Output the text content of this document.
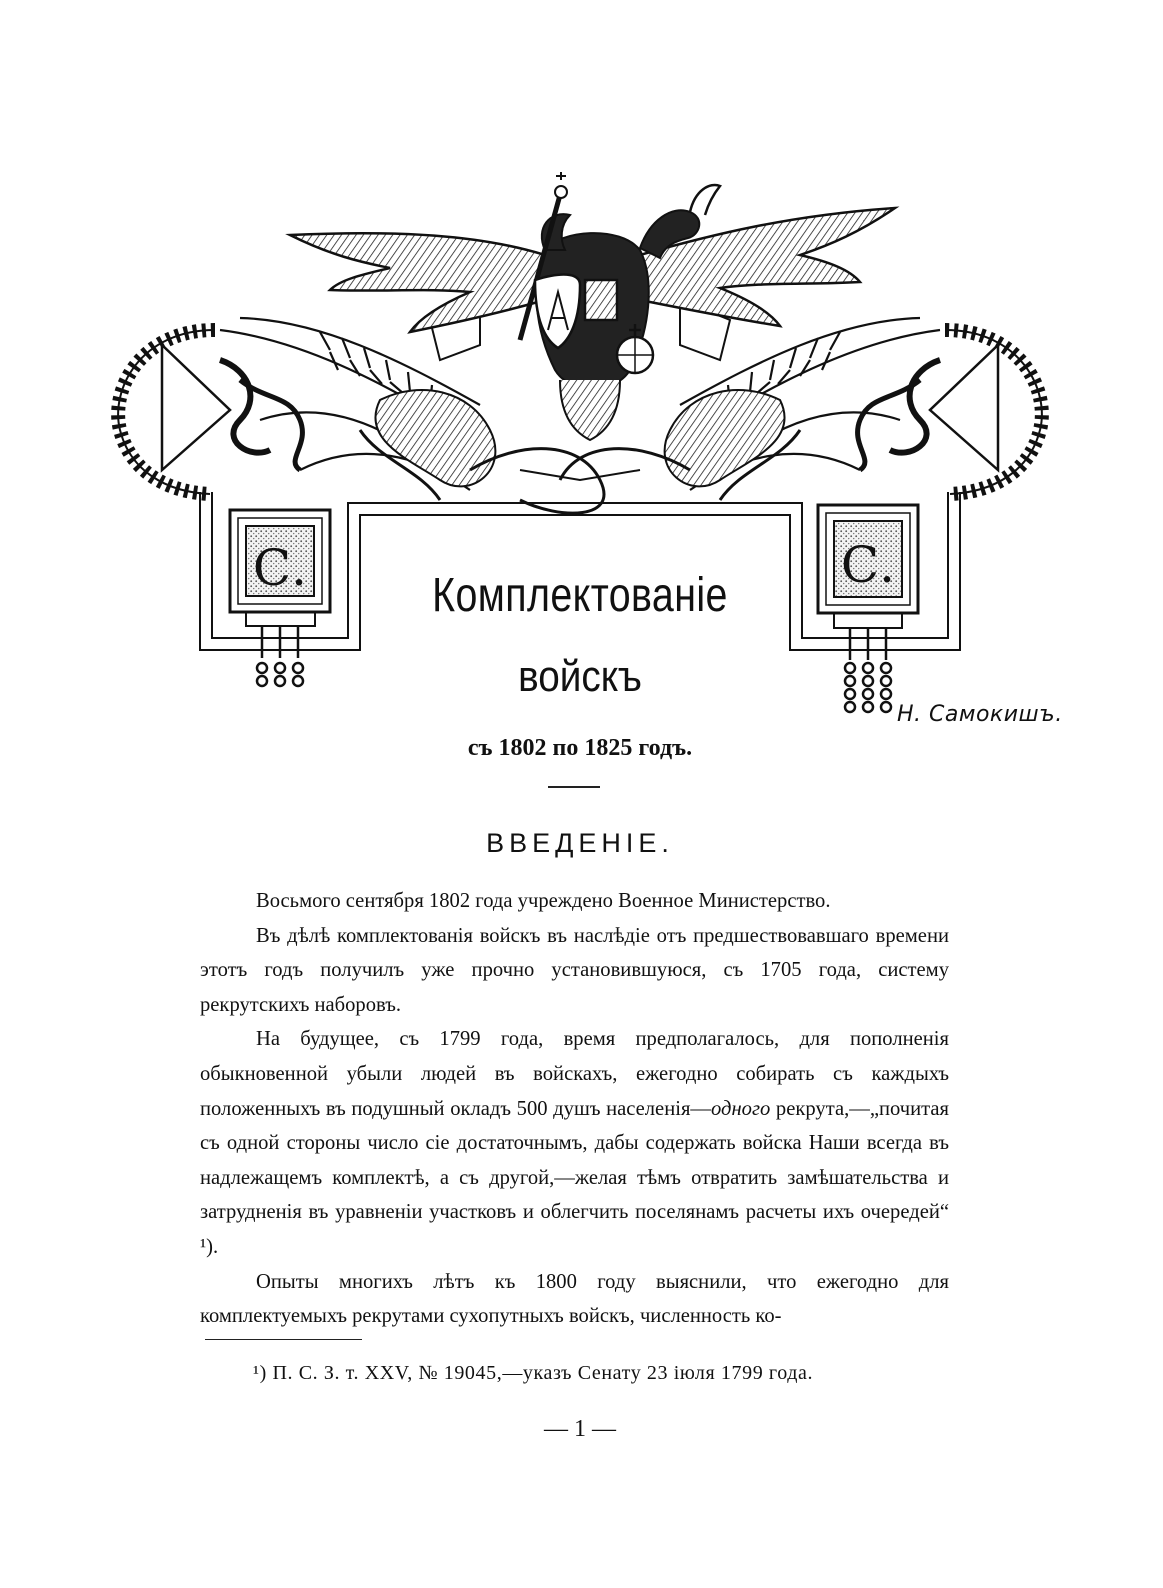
С.	С.
Комплектованіе
войскъ
съ 1802 по 1825 годъ.
Н. Самокишъ.
ВВЕДЕНІЕ.

Восьмого сентября 1802 года учреждено Военное Министерство.

Въ дѣлѣ комплектованія войскъ въ наслѣдіе отъ предшествовавшаго времени этотъ годъ получилъ уже прочно установившуюся, съ 1705 года, систему рекрутскихъ наборовъ.

На будущее, съ 1799 года, время предполагалось, для пополненія обыкновенной убыли людей въ войскахъ, ежегодно собирать съ каждыхъ положенныхъ въ подушный окладъ 500 душъ населенія—одного рекрута,—„почитая съ одной стороны число сіе достаточнымъ, дабы содержать войска Наши всегда въ надлежащемъ комплектѣ, а съ другой,—желая тѣмъ отвратить замѣшательства и затрудненія въ уравненіи участковъ и облегчить поселянамъ расчеты ихъ очередей“ ¹).

Опыты многихъ лѣтъ къ 1800 году выяснили, что ежегодно для комплектуемыхъ рекрутами сухопутныхъ войскъ, численность ко-

¹) П. С. З. т. XXV, № 19045,—указъ Сенату 23 іюля 1799 года.
— 1 —
